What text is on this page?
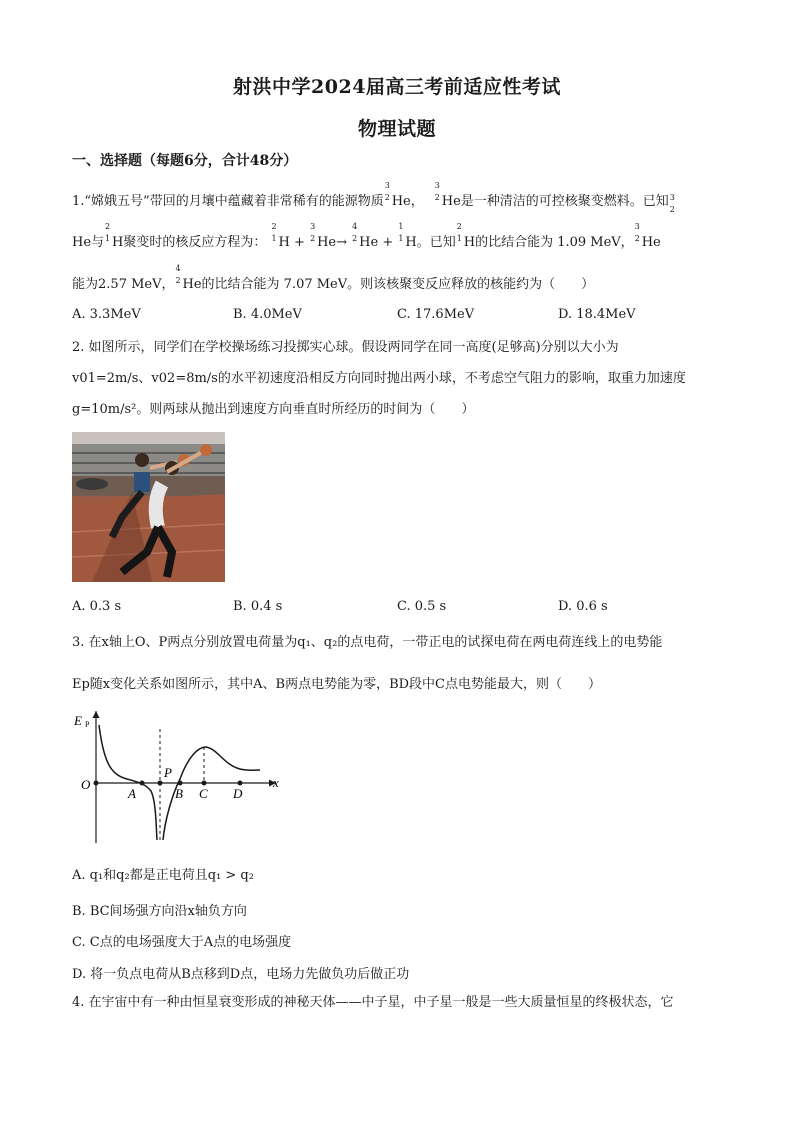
射洪中学2024届高三考前适应性考试
物理试题
一、选择题（每题6分，合计48分）
1.“嫦娥五号”带回的月壤中蕴藏着非常稀有的能源物质
3
2 He，
3
2 He是一种清洁的可控核聚变燃料。已知 3
2
He与
2
1 H聚变时的核反应方程为：
2
1 H +
3
2 He→
4
2 He +
1
1 H。已知
2
1 H的比结合能为 1.09 MeV，
3
2 He
能为2.57 MeV，
4
2 He的比结合能为 7.07 MeV。则该核聚变反应释放的核能约为（　　）
A. 3.3MeV	B. 4.0MeV	C. 17.6MeV	D. 18.4MeV
2. 如图所示，同学们在学校操场练习投掷实心球。假设两同学在同一高度(足够高)分别以大小为
v01=2m/s、v02=8m/s的水平初速度沿相反方向同时抛出两小球，不考虑空气阻力的影响，取重力加速度
g=10m/s²。则两球从抛出到速度方向垂直时所经历的时间为（　　）
A. 0.3 s	B. 0.4 s	C. 0.5 s	D. 0.6 s
3. 在x轴上O、P两点分别放置电荷量为q₁、q₂的点电荷，一带正电的试探电荷在两电荷连线上的电势能
Ep随x变化关系如图所示，其中A、B两点电势能为零，BD段中C点电势能最大，则（　　）
E P
O
A
P
B C D
x
A. q₁和q₂都是正电荷且q₁ > q₂
B. BC间场强方向沿x轴负方向
C. C点的电场强度大于A点的电场强度
D. 将一负点电荷从B点移到D点，电场力先做负功后做正功
4. 在宇宙中有一种由恒星衰变形成的神秘天体——中子星，中子星一般是一些大质量恒星的终极状态，它
